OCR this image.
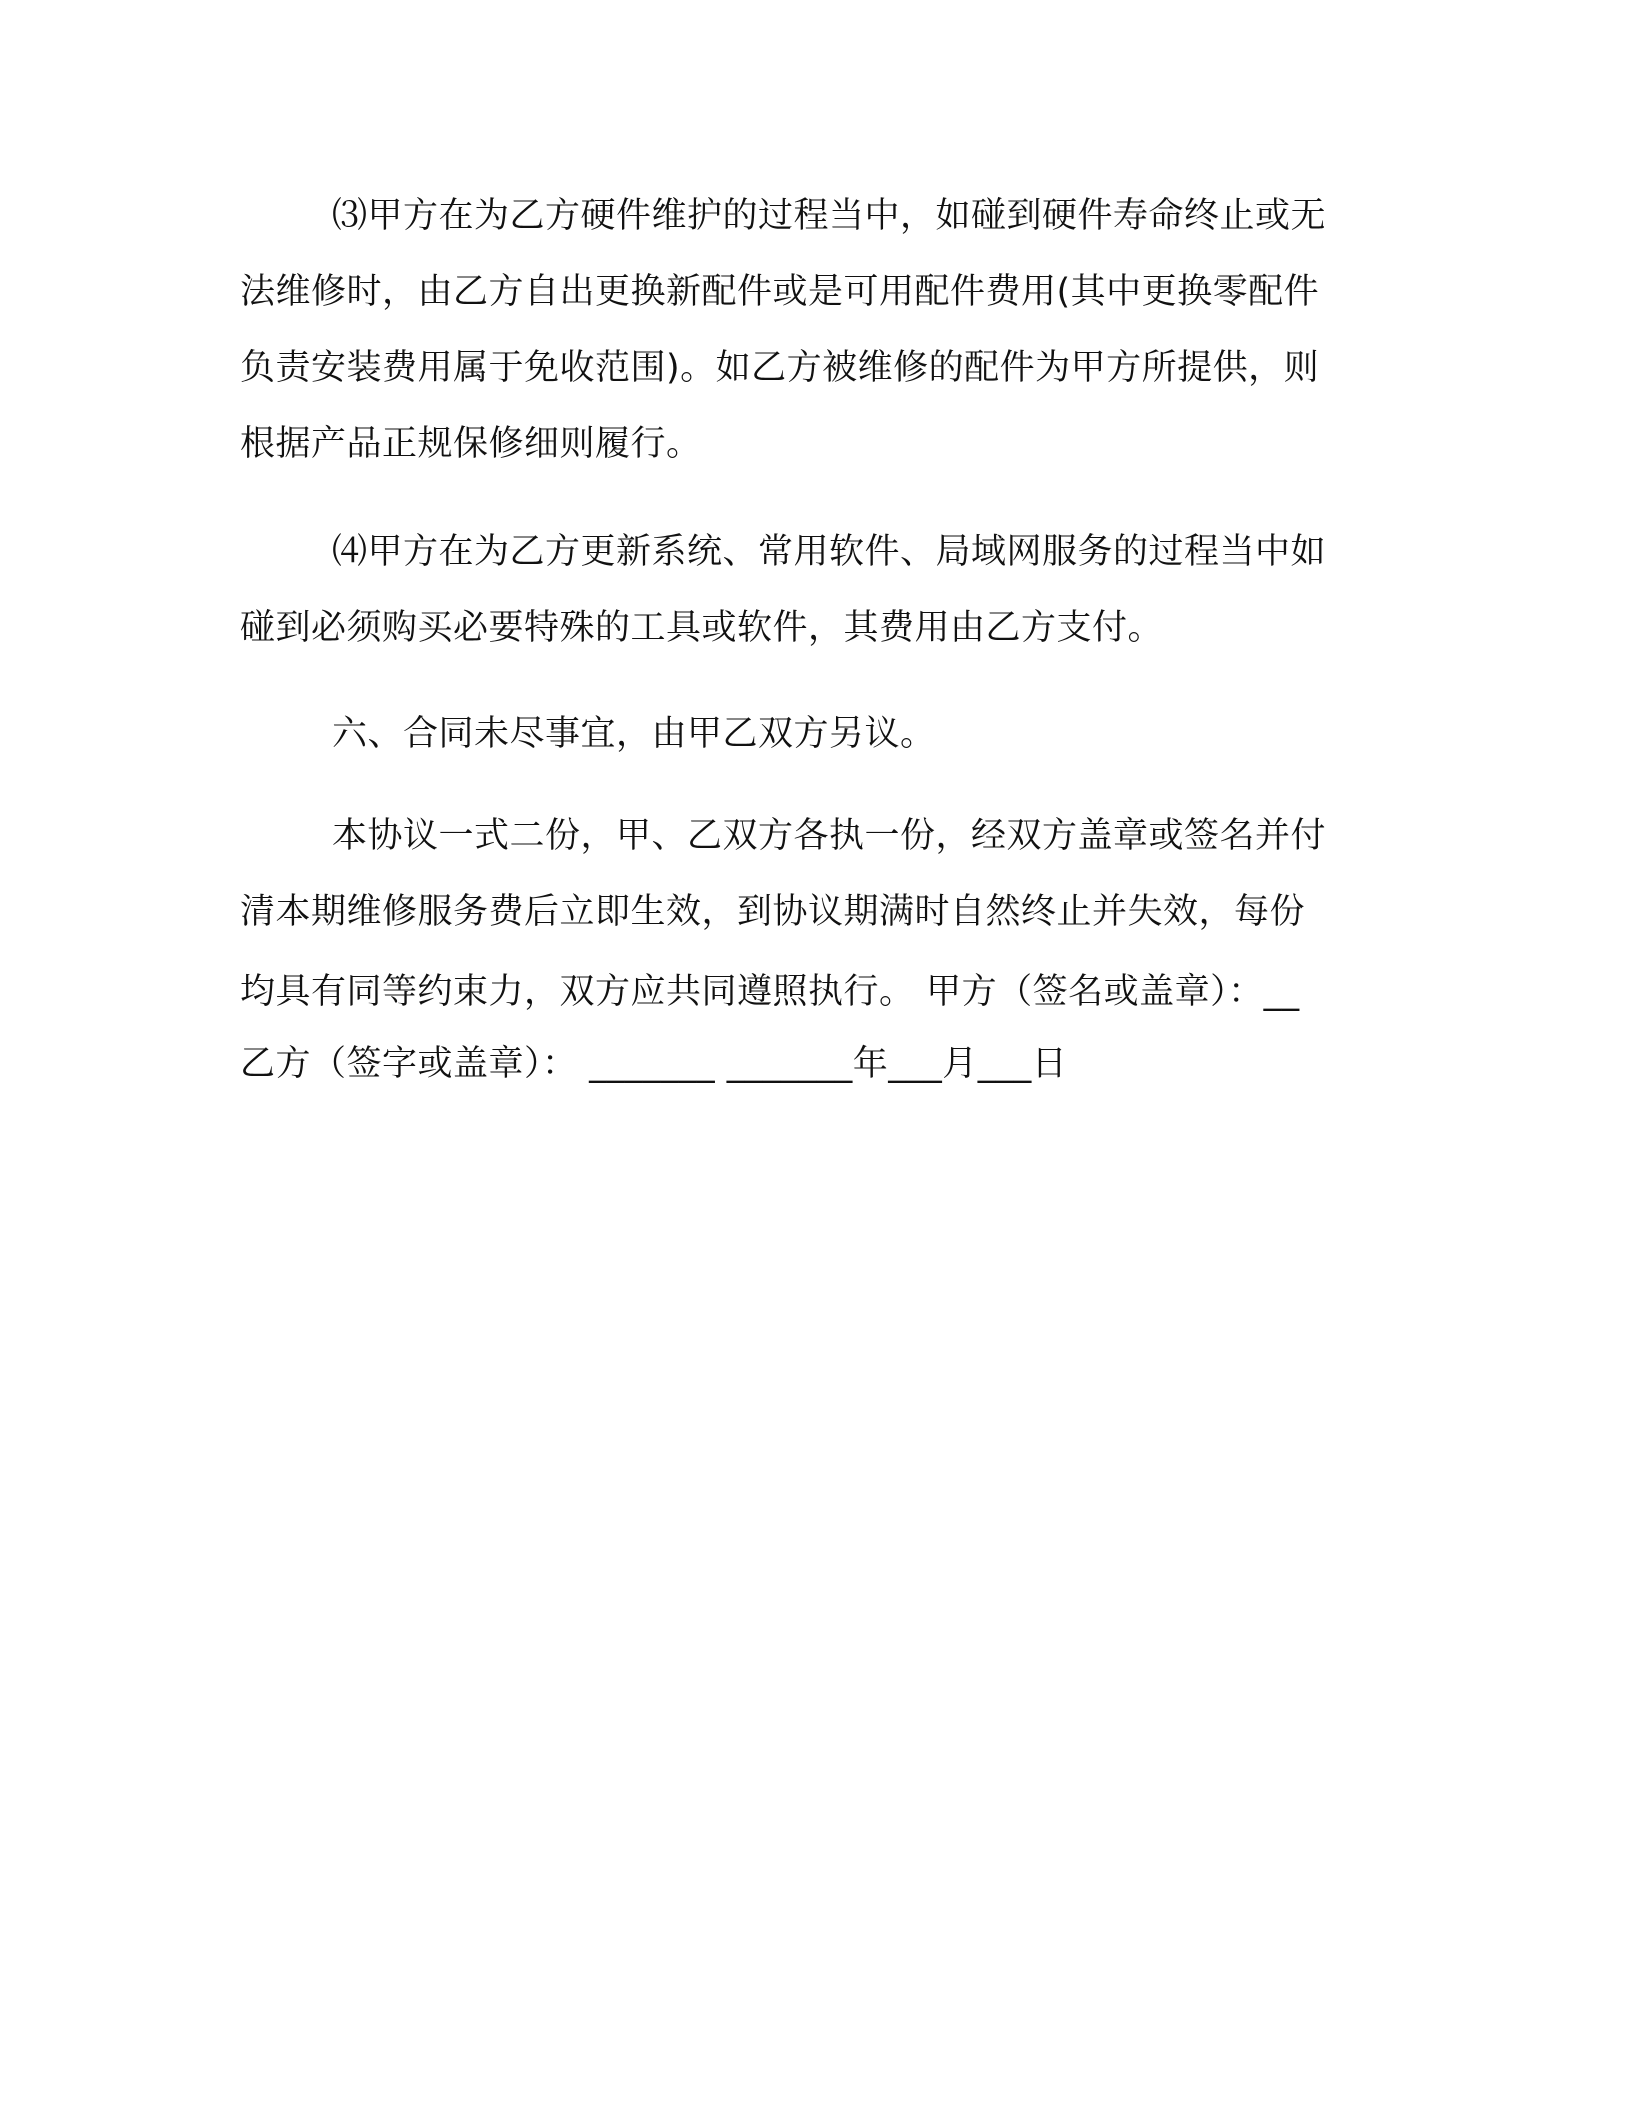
⑶甲方在为乙方硬件维护的过程当中，如碰到硬件寿命终止或无
法维修时，由乙方自出更换新配件或是可用配件费用(其中更换零配件
负责安装费用属于免收范围)。如乙方被维修的配件为甲方所提供，则
根据产品正规保修细则履行。
⑷甲方在为乙方更新系统、常用软件、局域网服务的过程当中如
碰到必须购买必要特殊的工具或软件，其费用由乙方支付。
六、合同未尽事宜，由甲乙双方另议。
本协议一式二份，甲、乙双方各执一份，经双方盖章或签名并付
清本期维修服务费后立即生效，到协议期满时自然终止并失效，每份
均具有同等约束力，双方应共同遵照执行。 甲方（签名或盖章）：__
乙方（签字或盖章）： _______ _______年___月___日
